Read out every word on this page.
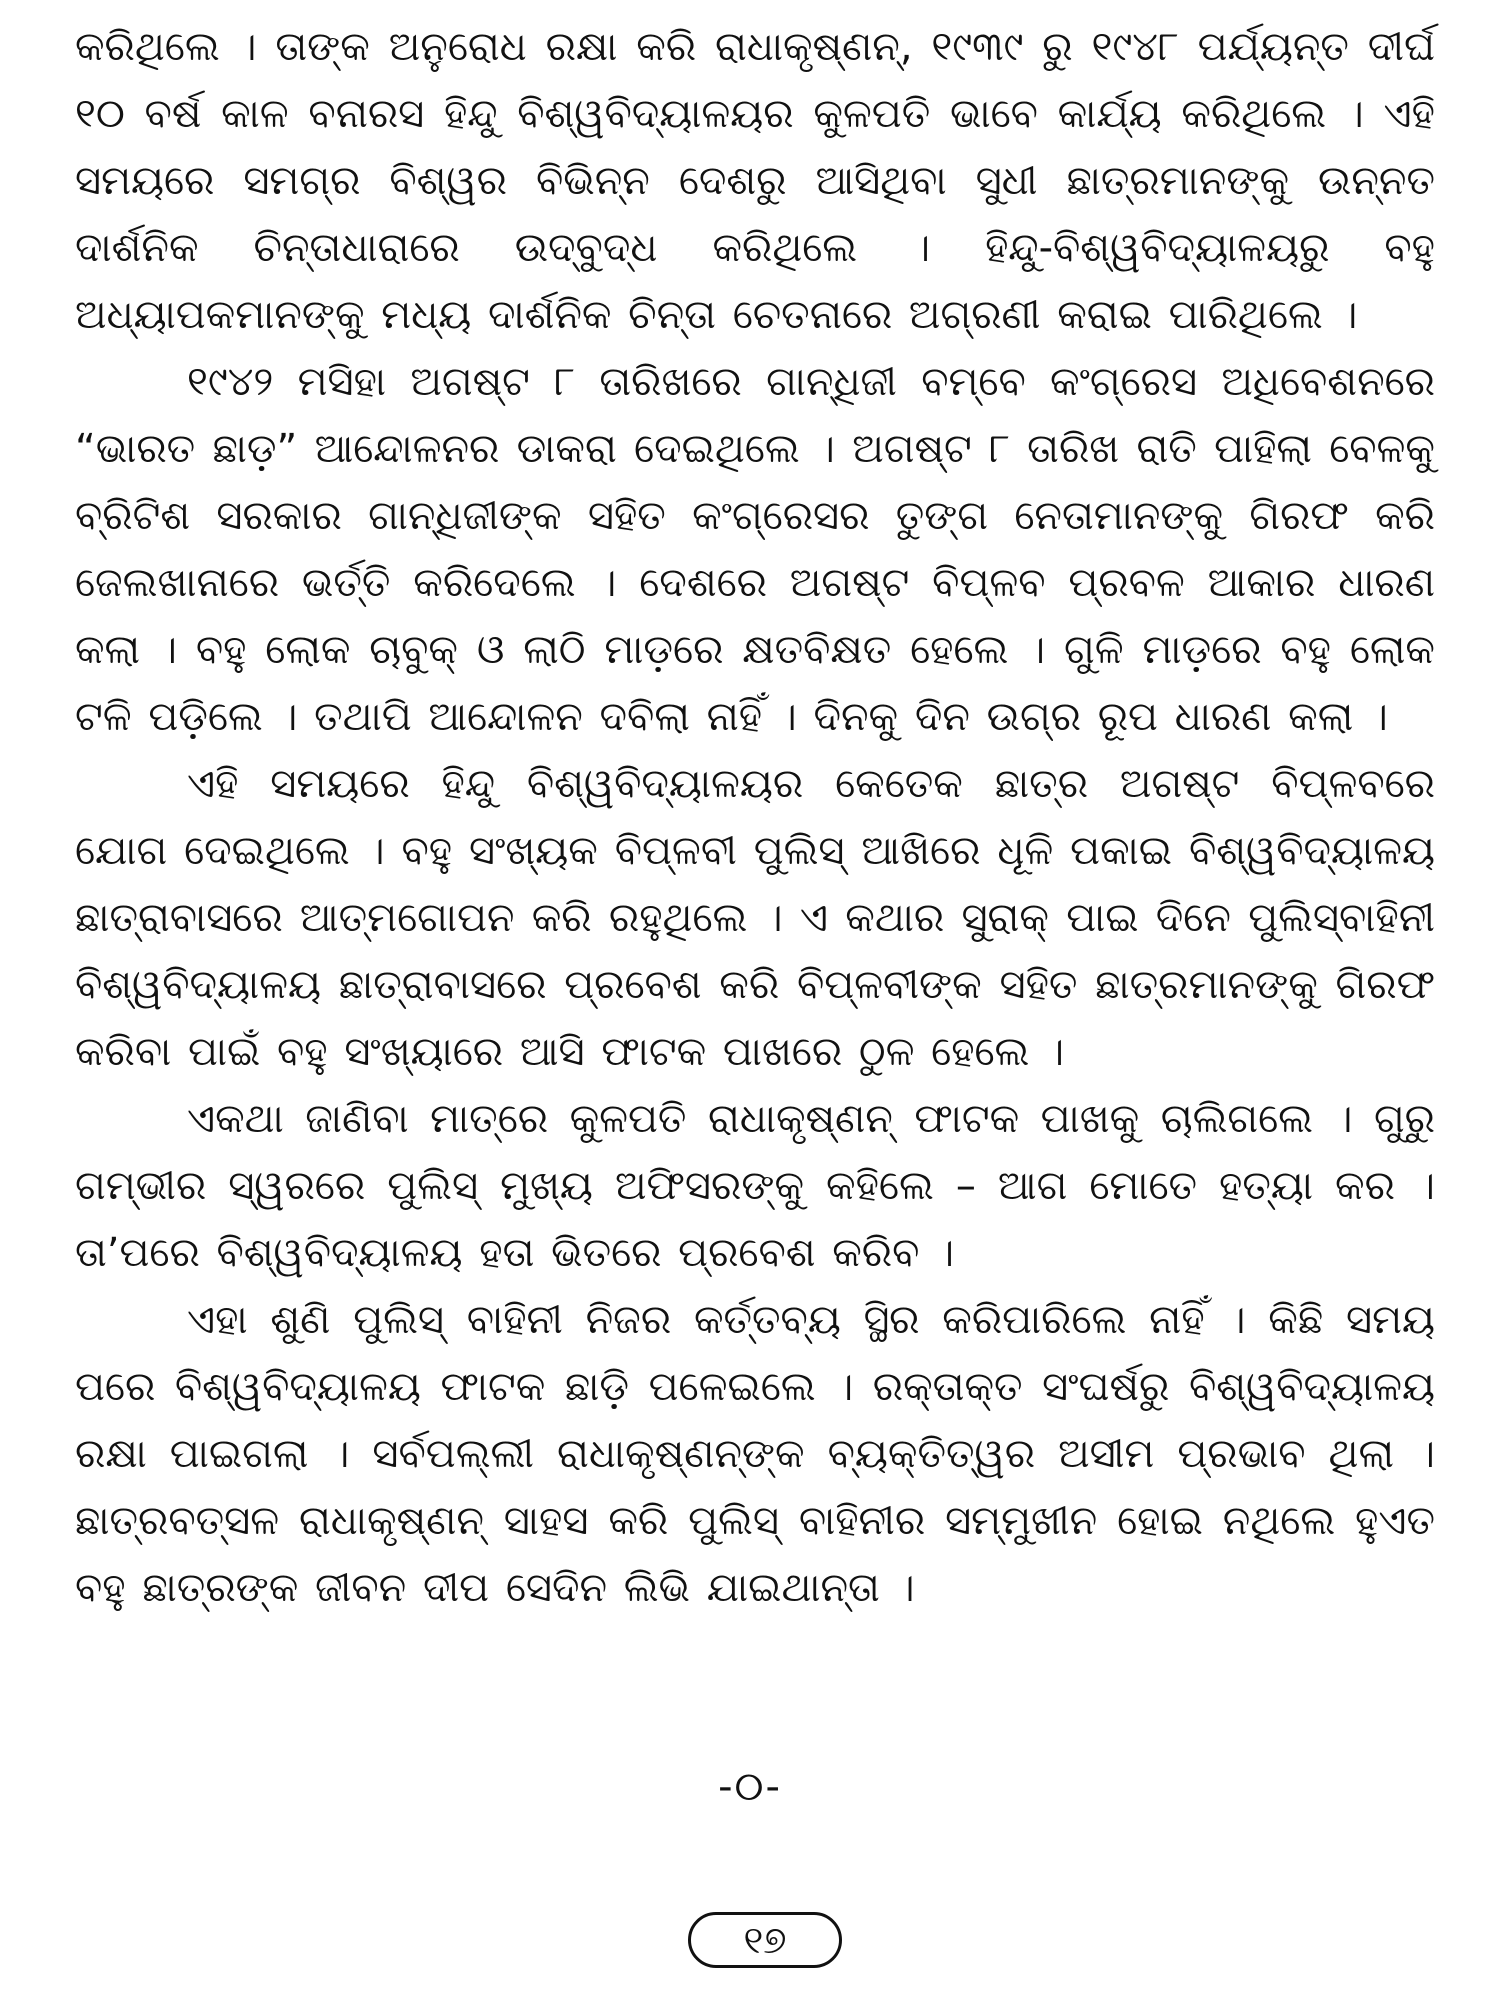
କରିଥିଲେ । ତାଙ୍କ ଅନୁରୋଧ ରକ୍ଷା କରି ରାଧାକୃଷ୍ଣନ୍, ୧୯୩୯ ରୁ ୧୯୪୮ ପର୍ଯ୍ୟନ୍ତ ଦୀର୍ଘ ୧୦ ବର୍ଷ କାଳ ବନାରସ ହିନ୍ଦୁ ବିଶ୍ୱବିଦ୍ୟାଳୟର କୁଳପତି ଭାବେ କାର୍ଯ୍ୟ କରିଥିଲେ । ଏହି ସମୟରେ ସମଗ୍ର ବିଶ୍ୱର ବିଭିନ୍ନ ଦେଶରୁ ଆସିଥିବା ସୁଧୀ ଛାତ୍ରମାନଙ୍କୁ ଉନ୍ନତ ଦାର୍ଶନିକ ଚିନ୍ତାଧାରାରେ ଉଦ୍‌ବୁଦ୍ଧ କରିଥିଲେ । ହିନ୍ଦୁ-ବିଶ୍ୱବିଦ୍ୟାଳୟରୁ ବହୁ ଅଧ୍ୟାପକମାନଙ୍କୁ ମଧ୍ୟ ଦାର୍ଶନିକ ଚିନ୍ତା ଚେତନାରେ ଅଗ୍ରଣୀ କରାଇ ପାରିଥିଲେ ।

୧୯୪୨ ମସିହା ଅଗଷ୍ଟ ୮ ତାରିଖରେ ଗାନ୍ଧିଜୀ ବମ୍ବେ କଂଗ୍ରେସ ଅଧିବେଶନରେ “ଭାରତ ଛାଡ଼” ଆନ୍ଦୋଳନର ଡାକରା ଦେଇଥିଲେ । ଅଗଷ୍ଟ ୮ ତାରିଖ ରାତି ପାହିଲା ବେଳକୁ ବ୍ରିଟିଶ ସରକାର ଗାନ୍ଧିଜୀଙ୍କ ସହିତ କଂଗ୍ରେସର ତୁଙ୍ଗ ନେତାମାନଙ୍କୁ ଗିରଫ କରି ଜେଲଖାନାରେ ଭର୍ତ୍ତି କରିଦେଲେ । ଦେଶରେ ଅଗଷ୍ଟ ବିପ୍ଳବ ପ୍ରବଳ ଆକାର ଧାରଣ କଲା । ବହୁ ଲୋକ ଚାବୁକ୍ ଓ ଲାଠି ମାଡ଼ରେ କ୍ଷତବିକ୍ଷତ ହେଲେ । ଗୁଳି ମାଡ଼ରେ ବହୁ ଲୋକ ଟଳି ପଡ଼ିଲେ । ତଥାପି ଆନ୍ଦୋଳନ ଦବିଲା ନାହିଁ । ଦିନକୁ ଦିନ ଉଗ୍ର ରୂପ ଧାରଣ କଲା ।

ଏହି ସମୟରେ ହିନ୍ଦୁ ବିଶ୍ୱବିଦ୍ୟାଳୟର କେତେକ ଛାତ୍ର ଅଗଷ୍ଟ ବିପ୍ଳବରେ ଯୋଗ ଦେଇଥିଲେ । ବହୁ ସଂଖ୍ୟକ ବିପ୍ଳବୀ ପୁଲିସ୍ ଆଖିରେ ଧୂଳି ପକାଇ ବିଶ୍ୱବିଦ୍ୟାଳୟ ଛାତ୍ରାବାସରେ ଆତ୍ମଗୋପନ କରି ରହୁଥିଲେ । ଏ କଥାର ସୁରାକ୍ ପାଇ ଦିନେ ପୁଲିସ୍‌ବାହିନୀ ବିଶ୍ୱବିଦ୍ୟାଳୟ ଛାତ୍ରାବାସରେ ପ୍ରବେଶ କରି ବିପ୍ଳବୀଙ୍କ ସହିତ ଛାତ୍ରମାନଙ୍କୁ ଗିରଫ କରିବା ପାଇଁ ବହୁ ସଂଖ୍ୟାରେ ଆସି ଫାଟକ ପାଖରେ ଠୁଳ ହେଲେ ।

ଏକଥା ଜାଣିବା ମାତ୍ରେ କୁଳପତି ରାଧାକୃଷ୍ଣନ୍ ଫାଟକ ପାଖକୁ ଚାଲିଗଲେ । ଗୁରୁ ଗମ୍ଭୀର ସ୍ୱରରେ ପୁଲିସ୍ ମୁଖ୍ୟ ଅଫିସରଙ୍କୁ କହିଲେ – ଆଗ ମୋତେ ହତ୍ୟା କର । ତା’ପରେ ବିଶ୍ୱବିଦ୍ୟାଳୟ ହତା ଭିତରେ ପ୍ରବେଶ କରିବ ।

ଏହା ଶୁଣି ପୁଲିସ୍ ବାହିନୀ ନିଜର କର୍ତ୍ତବ୍ୟ ସ୍ଥିର କରିପାରିଲେ ନାହିଁ । କିଛି ସମୟ ପରେ ବିଶ୍ୱବିଦ୍ୟାଳୟ ଫାଟକ ଛାଡ଼ି ପଳେଇଲେ । ରକ୍ତାକ୍ତ ସଂଘର୍ଷରୁ ବିଶ୍ୱବିଦ୍ୟାଳୟ ରକ୍ଷା ପାଇଗଲା । ସର୍ବପଲ୍ଲୀ ରାଧାକୃଷ୍ଣନ୍‌ଙ୍କ ବ୍ୟକ୍ତିତ୍ୱର ଅସୀମ ପ୍ରଭାବ ଥିଲା । ଛାତ୍ରବତ୍ସଳ ରାଧାକୃଷ୍ଣନ୍ ସାହସ କରି ପୁଲିସ୍ ବାହିନୀର ସମ୍ମୁଖୀନ ହୋଇ ନଥିଲେ ହୁଏତ ବହୁ ଛାତ୍ରଙ୍କ ଜୀବନ ଦୀପ ସେଦିନ ଲିଭି ଯାଇଥାନ୍ତା ।

-୦-
୧୭
